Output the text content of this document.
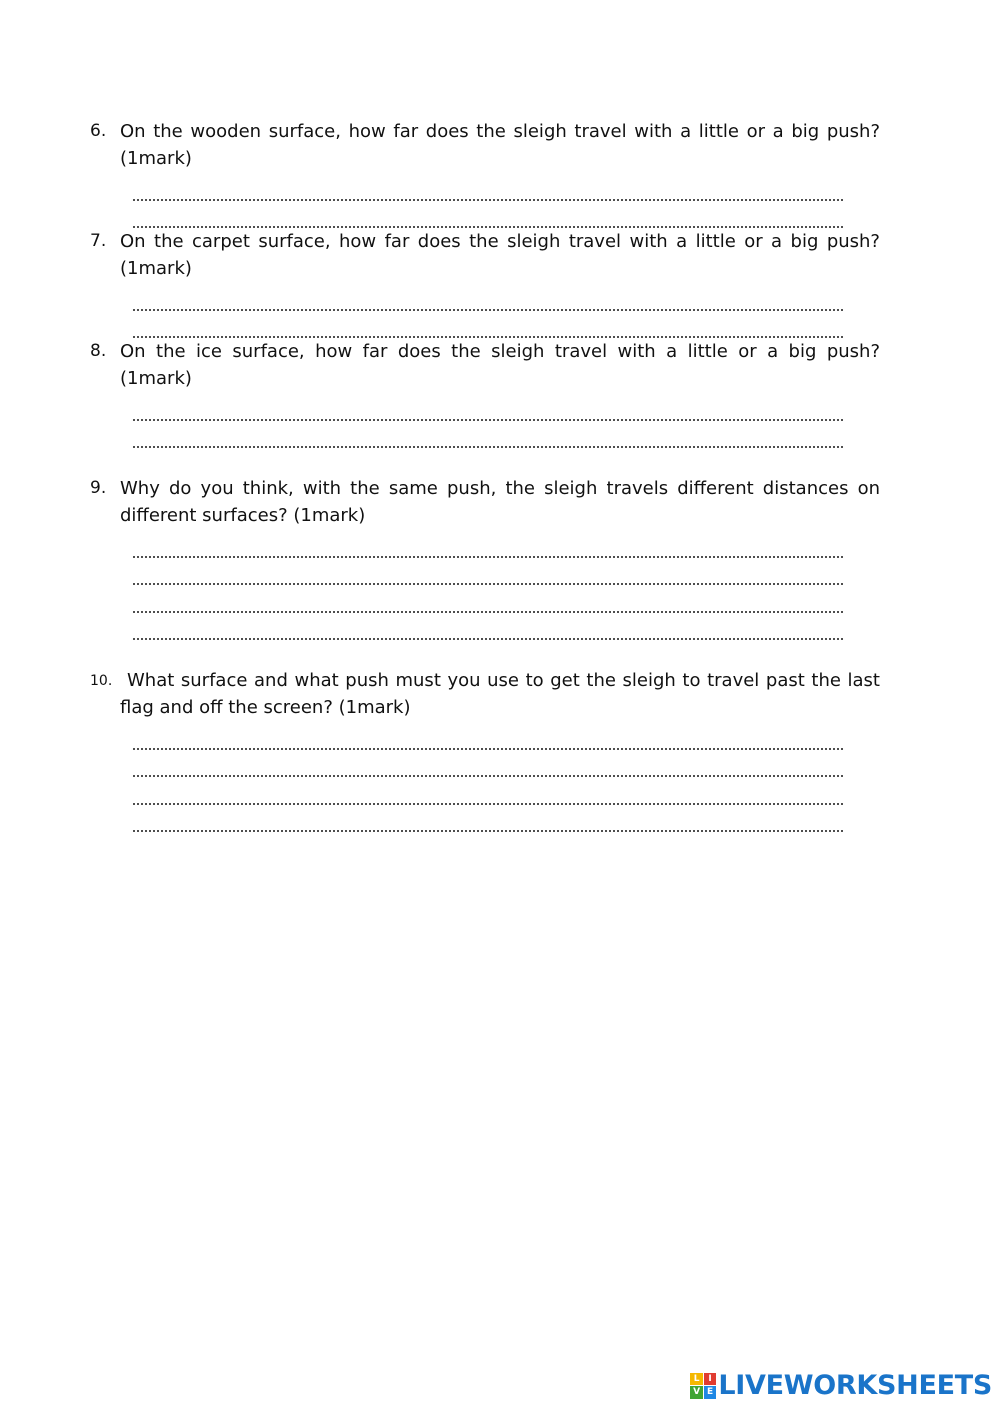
6. On the wooden surface, how far does the sleigh travel with a little or a big push? (1mark)
7. On the carpet surface, how far does the sleigh travel with a little or a big push? (1mark)
8. On the ice surface, how far does the sleigh travel with a little or a big push? (1mark)
9. Why do you think, with the same push, the sleigh travels different distances on different surfaces? (1mark)
10. What surface and what push must you use to get the sleigh to travel past the last flag and off the screen? (1mark)
L I
V E LIVEWORKSHEETS
